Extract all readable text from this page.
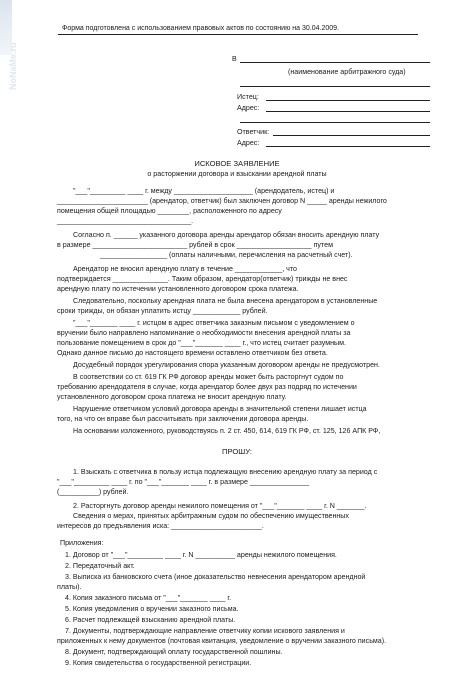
NoNaMe.ru
Форма подготовлена с использованием правовых актов по состоянию на 30.04.2009.
В
(наименование арбитражного суда)
Истец:
Адрес:
Ответчик:
Адрес:
ИСКОВОЕ ЗАЯВЛЕНИЕ
о расторжении договора и взыскании арендной платы
"___"_________ ____ г. между ____________________ (арендодатель, истец) и
_______________________ (арендатор, ответчик) был заключен договор N _____ аренды нежилого
помещения общей площадью ________, расположенного по адресу
__________________________________.
Согласно п. ______ указанного договора аренды арендатор обязан вносить арендную плату
в размере ________________________ рублей в срок ___________________ путем
_________________ (оплаты наличными, перечисления на расчетный счет).
Арендатор не вносил арендную плату в течение ____________, что
подтверждается ______________. Таким образом, арендатор(ответчик) трижды не внес
арендную плату по истечении установленного договором срока платежа.
Следовательно, поскольку арендная плата не была внесена арендатором в установленные
сроки трижды, он обязан уплатить истцу ____________ рублей.
"___"_______ ____ г. истцом в адрес ответчика заказным письмом с уведомлением о
вручении было направлено напоминание о необходимости внесения арендной платы за
пользование помещением в срок до "___"_______ ____ г., что истец считает разумным.
Однако данное письмо до настоящего времени оставлено ответчиком без ответа.
Досудебный порядок урегулирования спора указанным договором аренды не предусмотрен.
В соответствии со ст. 619 ГК РФ договор аренды может быть расторгнут судом по
требованию арендодателя в случае, когда арендатор более двух раз подряд по истечении
установленного договором срока платежа не вносит арендную плату.
Нарушение ответчиком условий договора аренды в значительной степени лишает истца
того, на что он вправе был рассчитывать при заключении договора аренды.
На основании изложенного, руководствуясь п. 2 ст. 450, 614, 619 ГК РФ, ст. 125, 126 АПК РФ,
ПРОШУ:
1. Взыскать с ответчика в пользу истца подлежащую внесению арендную плату за период с
"___"_________ ____ г. по "___"_______ ____ г. в размере _______________
(__________) рублей.
2. Расторгнуть договор аренды нежилого помещения от "___"_______ ____ г. N _______.
Сведения о мерах, принятых арбитражным судом по обеспечению имущественных
интересов до предъявления иска: _______________________.
Приложения:
1. Договор от "___"_________ ____ г. N __________ аренды нежилого помещения.
2. Передаточный акт.
3. Выписка из банковского счета (иное доказательство невнесения арендатором арендной
платы).
4. Копия заказного письма от "___"_______ ____ г.
5. Копия уведомления о вручении заказного письма.
6. Расчет подлежащей взысканию арендной платы.
7. Документы, подтверждающие направление ответчику копии искового заявления и
приложенных к нему документов (почтовая квитанция, уведомление о вручении заказного письма).
8. Документ, подтверждающий оплату государственной пошлины.
9. Копия свидетельства о государственной регистрации.
